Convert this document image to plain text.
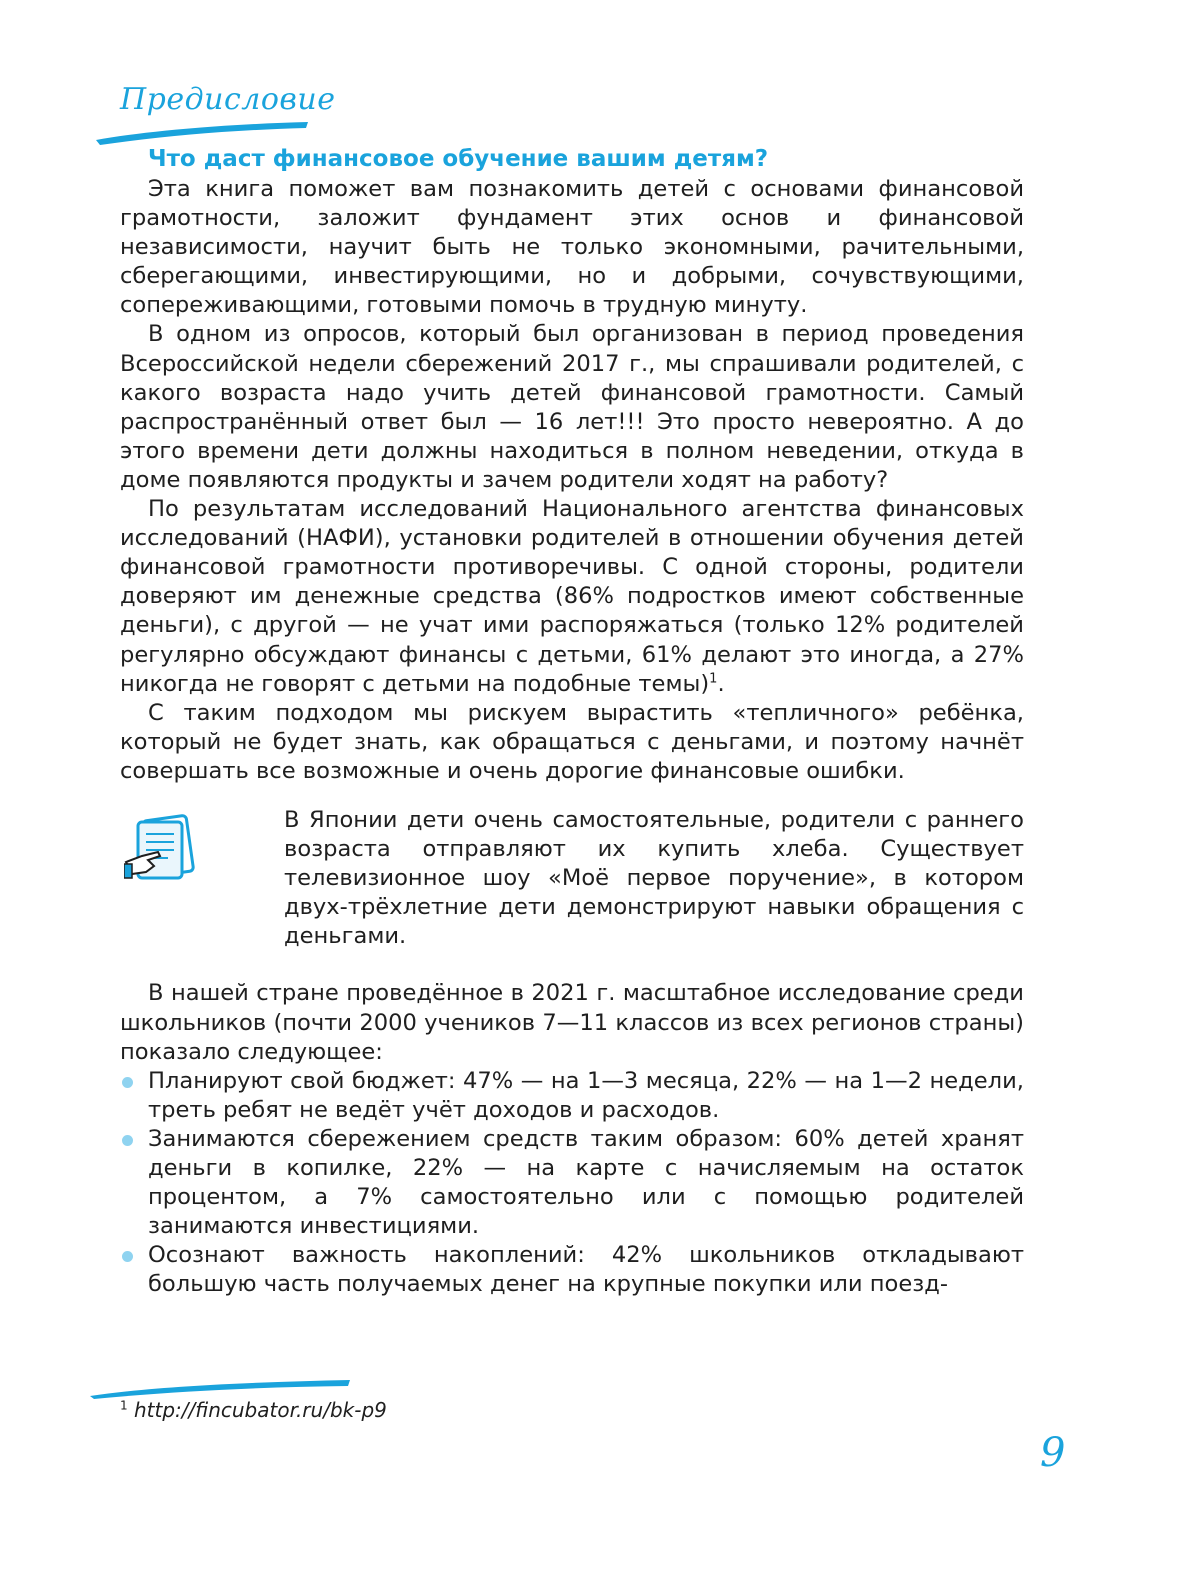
Предисловие
Что даст финансовое обучение вашим детям?

Эта книга поможет вам познакомить детей с основами финансовой грамотности, заложит фундамент этих основ и финансовой независимости, научит быть не только экономными, рачительными, сберегающими, инвестирующими, но и добрыми, сочувствующими, сопереживающими, готовыми помочь в трудную минуту.

В одном из опросов, который был организован в период проведения Всероссийской недели сбережений 2017 г., мы спрашивали родителей, с какого возраста надо учить детей финансовой грамотности. Самый распространённый ответ был — 16 лет!!! Это просто невероятно. А до этого времени дети должны находиться в полном неведении, откуда в доме появляются продукты и зачем родители ходят на работу?

По результатам исследований Национального агентства финансовых исследований (НАФИ), установки родителей в отношении обучения детей финансовой грамотности противоречивы. С одной стороны, родители доверяют им денежные средства (86% подростков имеют собственные деньги), с другой — не учат ими распоряжаться (только 12% родителей регулярно обсуждают финансы с детьми, 61% делают это иногда, а 27% никогда не говорят с детьми на подобные темы)$^1$.

С таким подходом мы рискуем вырастить «тепличного» ребёнка, который не будет знать, как обращаться с деньгами, и поэтому начнёт совершать все возможные и очень дорогие финансовые ошибки.

В Японии дети очень самостоятельные, родители с раннего возраста отправляют их купить хлеба. Существует телевизионное шоу «Моё первое поручение», в котором двух-трёхлетние дети демонстрируют навыки обращения с деньгами.

В нашей стране проведённое в 2021 г. масштабное исследование среди школьников (почти 2000 учеников 7—11 классов из всех регионов страны) показало следующее:

Планируют свой бюджет: 47% — на 1—3 месяца, 22% — на 1—2 недели, треть ребят не ведёт учёт доходов и расходов.
Занимаются сбережением средств таким образом: 60% детей хранят деньги в копилке, 22% — на карте с начисляемым на остаток процентом, а 7% самостоятельно или с помощью родителей занимаются инвестициями.
Осознают важность накоплений: 42% школьников откладывают большую часть получаемых денег на крупные покупки или поезд-
$^1$ http://fincubator.ru/bk-p9
9
